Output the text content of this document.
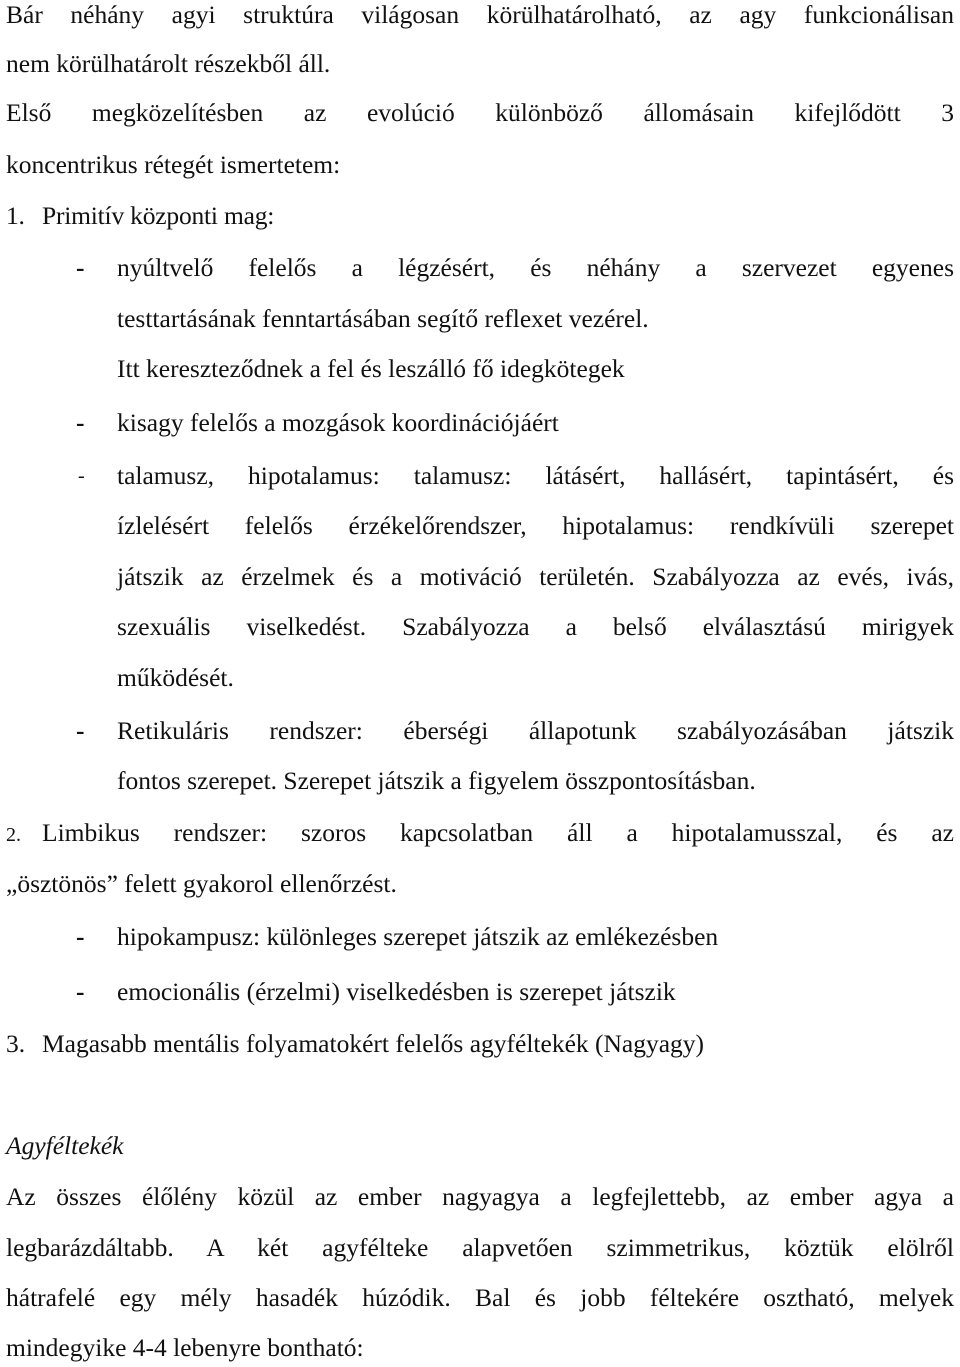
Bár néhány agyi struktúra világosan körülhatárolható, az agy funkcionálisan
nem körülhatárolt részekből áll.
Első megközelítésben az evolúció különböző állomásain kifejlődött 3
koncentrikus rétegét ismertetem:
1. Primitív központi mag:
- nyúltvelő felelős a légzésért, és néhány a szervezet egyenes
testtartásának fenntartásában segítő reflexet vezérel.
Itt kereszteződnek a fel és leszálló fő idegkötegek
- kisagy felelős a mozgások koordinációjáért
- talamusz, hipotalamus: talamusz: látásért, hallásért, tapintásért, és
ízlelésért felelős érzékelőrendszer, hipotalamus: rendkívüli szerepet
játszik az érzelmek és a motiváció területén. Szabályozza az evés, ivás,
szexuális viselkedést. Szabályozza a belső elválasztású mirigyek
működését.
- Retikuláris rendszer: éberségi állapotunk szabályozásában játszik
fontos szerepet. Szerepet játszik a figyelem összpontosításban.
2. Limbikus rendszer: szoros kapcsolatban áll a hipotalamusszal, és az
„ösztönös” felett gyakorol ellenőrzést.
- hipokampusz: különleges szerepet játszik az emlékezésben
- emocionális (érzelmi) viselkedésben is szerepet játszik
3. Magasabb mentális folyamatokért felelős agyféltekék (Nagyagy)
Agyféltekék
Az összes élőlény közül az ember nagyagya a legfejlettebb, az ember agya a
legbarázdáltabb. A két agyféltekе alapvetően szimmetrikus, köztük elölről
hátrafelé egy mély hasadék húzódik. Bal és jobb féltekére osztható, melyek
mindegyike 4-4 lebenyre bontható:
